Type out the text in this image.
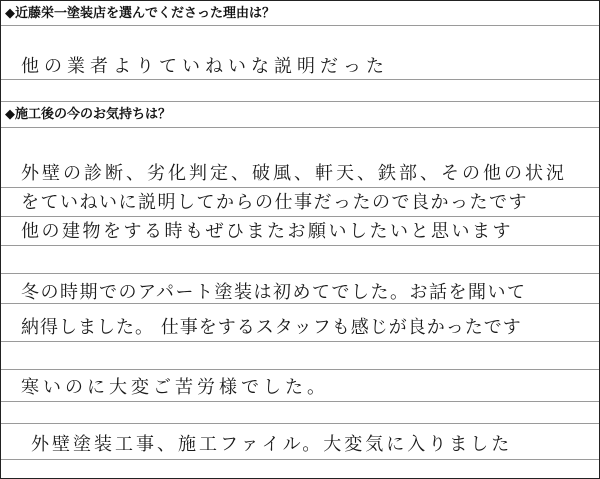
◆近藤栄一塗装店を選んでくださった理由は？

他の業者よりていねいな説明だった

◆施工後の今のお気持ちは？

外壁の診断、劣化判定、破風、軒天、鉄部、その他の状況

をていねいに説明してからの仕事だったので良かったです

他の建物をする時もぜひまたお願いしたいと思います

冬の時期でのアパート塗装は初めてでした。お話を聞いて

納得しました。 仕事をするスタッフも感じが良かったです

寒いのに大変ご苦労様でした。

外壁塗装工事、施工ファイル。大変気に入りました
